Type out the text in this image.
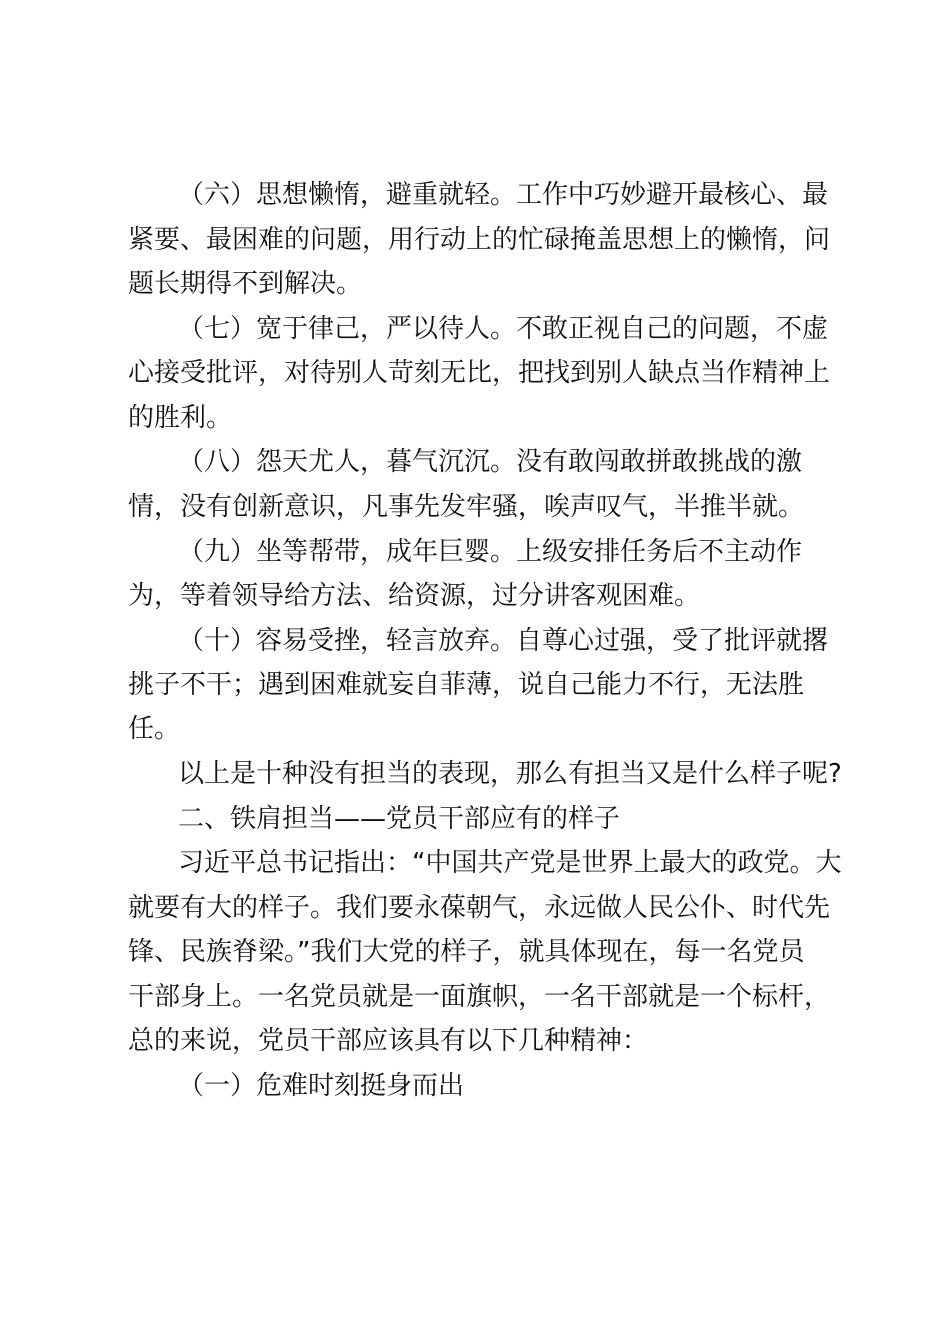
（六）思想懒惰，避重就轻。工作中巧妙避开最核心、最
紧要、最困难的问题，用行动上的忙碌掩盖思想上的懒惰，问
题长期得不到解决。
（七）宽于律己，严以待人。不敢正视自己的问题，不虚
心接受批评，对待别人苛刻无比，把找到别人缺点当作精神上
的胜利。
（八）怨天尤人，暮气沉沉。没有敢闯敢拼敢挑战的激
情，没有创新意识，凡事先发牢骚，唉声叹气，半推半就。
（九）坐等帮带，成年巨婴。上级安排任务后不主动作
为，等着领导给方法、给资源，过分讲客观困难。
（十）容易受挫，轻言放弃。自尊心过强，受了批评就撂
挑子不干；遇到困难就妄自菲薄，说自己能力不行，无法胜
任。
以上是十种没有担当的表现，那么有担当又是什么样子呢?
二、铁肩担当——党员干部应有的样子
习近平总书记指出：“中国共产党是世界上最大的政党。大
就要有大的样子。我们要永葆朝气，永远做人民公仆、时代先
锋、民族脊梁。”我们大党的样子，就具体现在，每一名党员
干部身上。一名党员就是一面旗帜，一名干部就是一个标杆，
总的来说，党员干部应该具有以下几种精神：
（一）危难时刻挺身而出
